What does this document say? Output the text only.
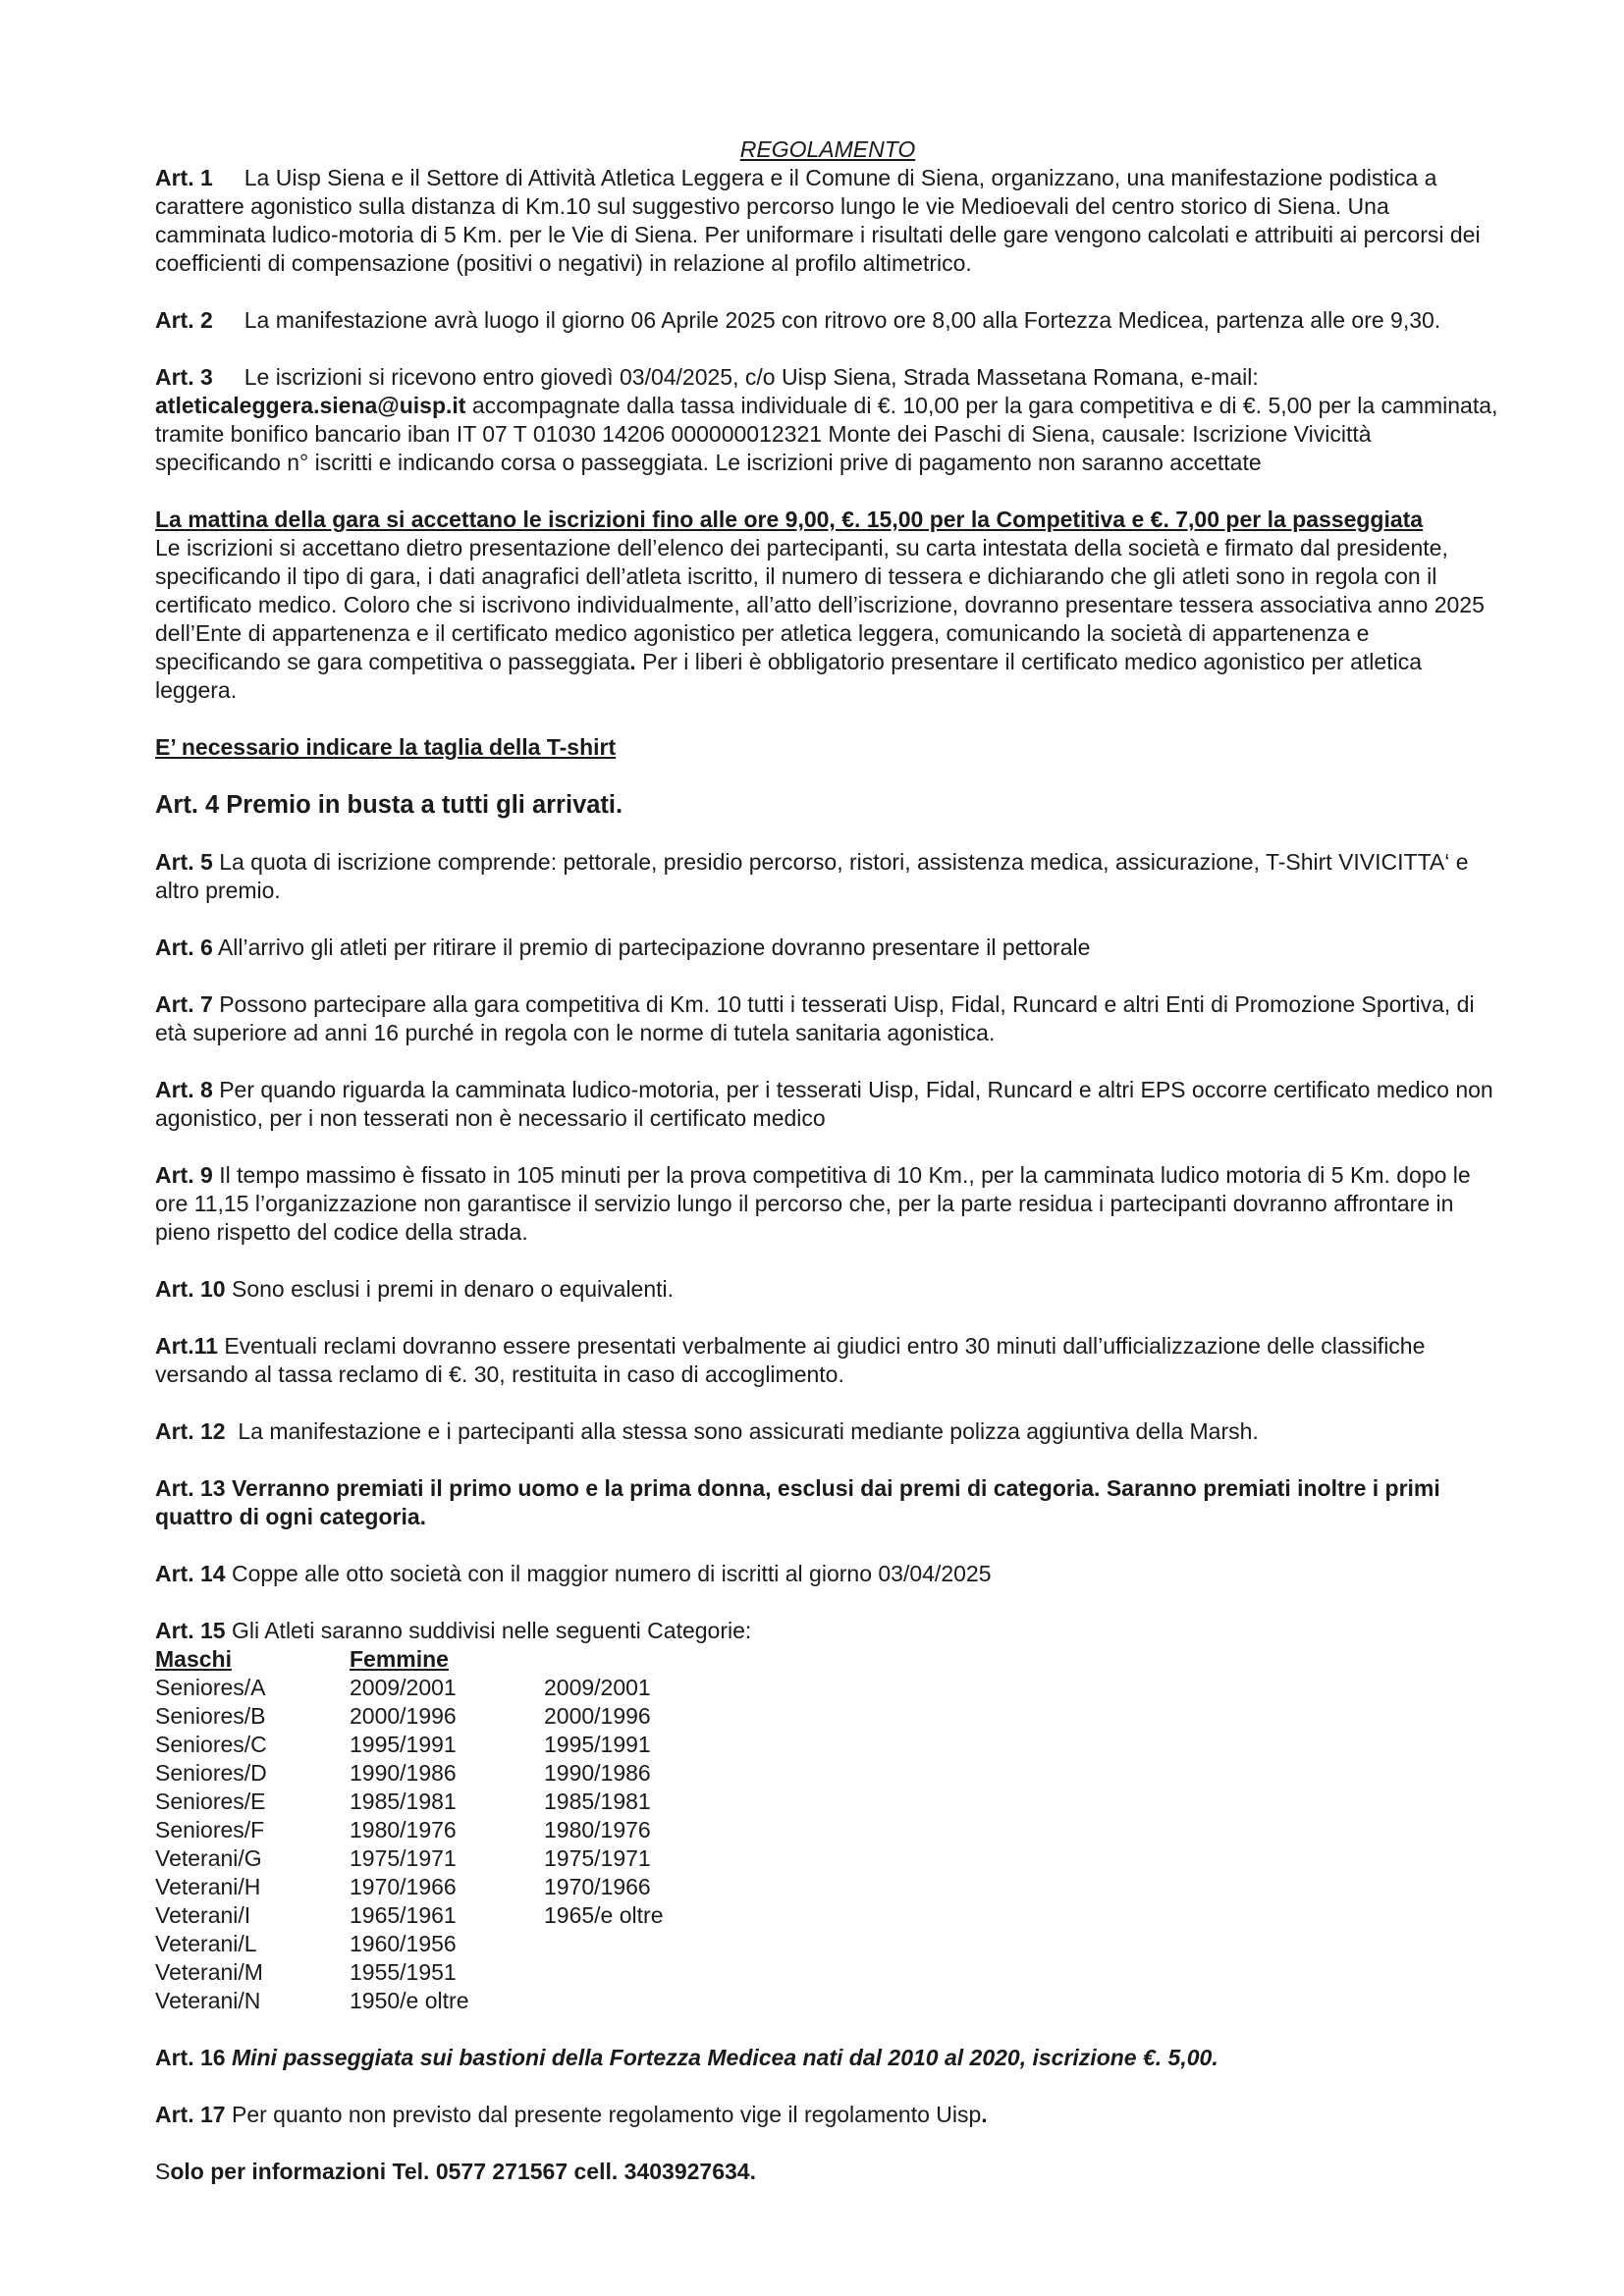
REGOLAMENTO

Art. 1 La Uisp Siena e il Settore di Attività Atletica Leggera e il Comune di Siena, organizzano, una manifestazione podistica a carattere agonistico sulla distanza di Km.10 sul suggestivo percorso lungo le vie Medioevali del centro storico di Siena. Una camminata ludico-motoria di 5 Km. per le Vie di Siena. Per uniformare i risultati delle gare vengono calcolati e attribuiti ai percorsi dei coefficienti di compensazione (positivi o negativi) in relazione al profilo altimetrico.

Art. 2 La manifestazione avrà luogo il giorno 06 Aprile 2025 con ritrovo ore 8,00 alla Fortezza Medicea, partenza alle ore 9,30.

Art. 3 Le iscrizioni si ricevono entro giovedì 03/04/2025, c/o Uisp Siena, Strada Massetana Romana, e-mail: atleticaleggera.siena@uisp.it accompagnate dalla tassa individuale di €. 10,00 per la gara competitiva e di €. 5,00 per la camminata, tramite bonifico bancario iban IT 07 T 01030 14206 000000012321 Monte dei Paschi di Siena, causale: Iscrizione Vivicittà specificando n° iscritti e indicando corsa o passeggiata. Le iscrizioni prive di pagamento non saranno accettate

La mattina della gara si accettano le iscrizioni fino alle ore 9,00, €. 15,00 per la Competitiva e €. 7,00 per la passeggiata
Le iscrizioni si accettano dietro presentazione dell’elenco dei partecipanti, su carta intestata della società e firmato dal presidente, specificando il tipo di gara, i dati anagrafici dell’atleta iscritto, il numero di tessera e dichiarando che gli atleti sono in regola con il certificato medico. Coloro che si iscrivono individualmente, all’atto dell’iscrizione, dovranno presentare tessera associativa anno 2025 dell’Ente di appartenenza e il certificato medico agonistico per atletica leggera, comunicando la società di appartenenza e specificando se gara competitiva o passeggiata. Per i liberi è obbligatorio presentare il certificato medico agonistico per atletica leggera.

E’ necessario indicare la taglia della T-shirt

Art. 4 Premio in busta a tutti gli arrivati.

Art. 5 La quota di iscrizione comprende: pettorale, presidio percorso, ristori, assistenza medica, assicurazione, T-Shirt VIVICITTA‘ e altro premio.

Art. 6 All’arrivo gli atleti per ritirare il premio di partecipazione dovranno presentare il pettorale

Art. 7 Possono partecipare alla gara competitiva di Km. 10 tutti i tesserati Uisp, Fidal, Runcard e altri Enti di Promozione Sportiva, di età superiore ad anni 16 purché in regola con le norme di tutela sanitaria agonistica.

Art. 8 Per quando riguarda la camminata ludico-motoria, per i tesserati Uisp, Fidal, Runcard e altri EPS occorre certificato medico non agonistico, per i non tesserati non è necessario il certificato medico

Art. 9 Il tempo massimo è fissato in 105 minuti per la prova competitiva di 10 Km., per la camminata ludico motoria di 5 Km. dopo le ore 11,15 l’organizzazione non garantisce il servizio lungo il percorso che, per la parte residua i partecipanti dovranno affrontare in pieno rispetto del codice della strada.

Art. 10 Sono esclusi i premi in denaro o equivalenti.

Art.11 Eventuali reclami dovranno essere presentati verbalmente ai giudici entro 30 minuti dall’ufficializzazione delle classifiche versando al tassa reclamo di €. 30, restituita in caso di accoglimento.

Art. 12 La manifestazione e i partecipanti alla stessa sono assicurati mediante polizza aggiuntiva della Marsh.

Art. 13 Verranno premiati il primo uomo e la prima donna, esclusi dai premi di categoria. Saranno premiati inoltre i primi quattro di ogni categoria.

Art. 14 Coppe alle otto società con il maggior numero di iscritti al giorno 03/04/2025

Art. 15 Gli Atleti saranno suddivisi nelle seguenti Categorie:

Maschi	Femmine	
Seniores/A	2009/2001	2009/2001
Seniores/B	2000/1996	2000/1996
Seniores/C	1995/1991	1995/1991
Seniores/D	1990/1986	1990/1986
Seniores/E	1985/1981	1985/1981
Seniores/F	1980/1976	1980/1976
Veterani/G	1975/1971	1975/1971
Veterani/H	1970/1966	1970/1966
Veterani/I	1965/1961	1965/e oltre
Veterani/L	1960/1956	
Veterani/M	1955/1951	
Veterani/N	1950/e oltre	

Art. 16 Mini passeggiata sui bastioni della Fortezza Medicea nati dal 2010 al 2020, iscrizione €. 5,00.

Art. 17 Per quanto non previsto dal presente regolamento vige il regolamento Uisp.

Solo per informazioni Tel. 0577 271567 cell. 3403927634.
